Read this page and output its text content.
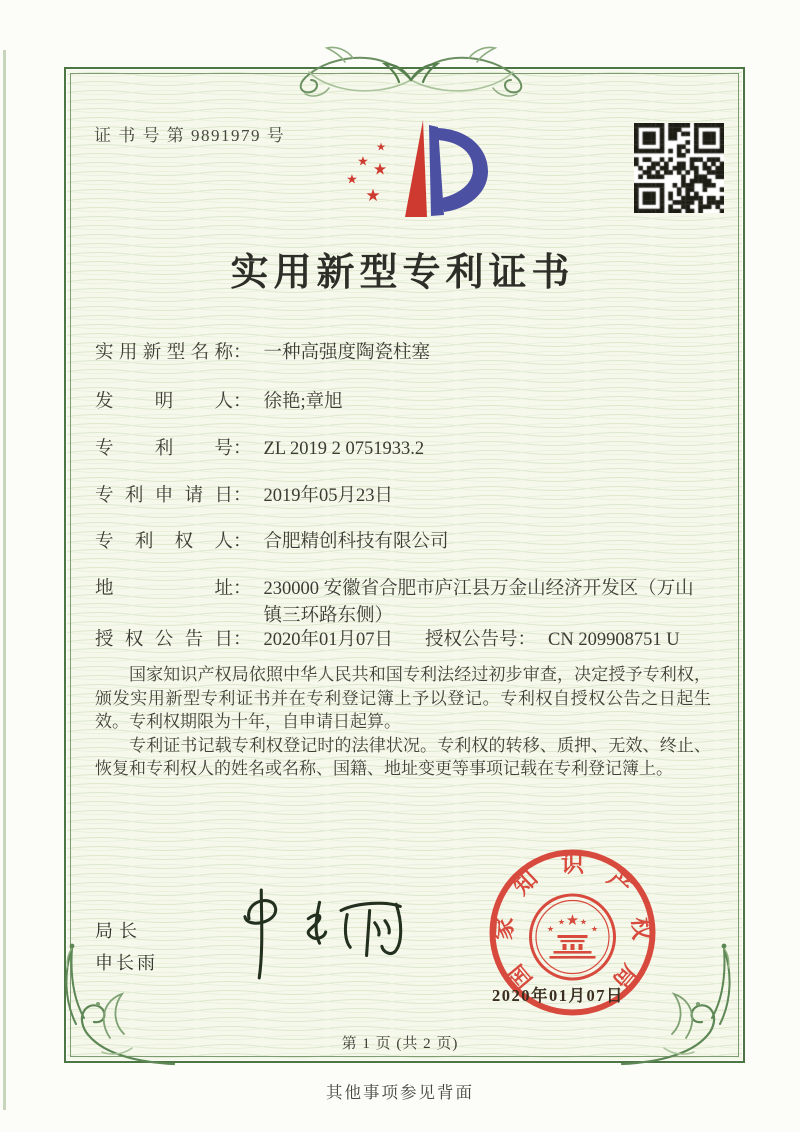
证 书 号 第 9891979 号
★
★ ★
★
★
实用新型专利证书
实用新型名称： 一种高强度陶瓷柱塞
发明人： 徐艳;章旭
专利号： ZL 2019 2 0751933.2
专利申请日： 2019年05月23日
专利权人： 合肥精创科技有限公司
地址： 230000 安徽省合肥市庐江县万金山经济开发区（万山镇三环路东侧）
授权公告日： 2020年01月07日 授权公告号： CN 209908751 U

国家知识产权局依照中华人民共和国专利法经过初步审查，决定授予专利权，颁发实用新型专利证书并在专利登记簿上予以登记。专利权自授权公告之日起生效。专利权期限为十年，自申请日起算。

专利证书记载专利权登记时的法律状况。专利权的转移、质押、无效、终止、恢复和专利权人的姓名或名称、国籍、地址变更等事项记载在专利登记簿上。

局长
申长雨	国
家
知
识
产
权
局
★
★ ★ ★
★
2020年01月07日
第 1 页 (共 2 页)
其他事项参见背面
